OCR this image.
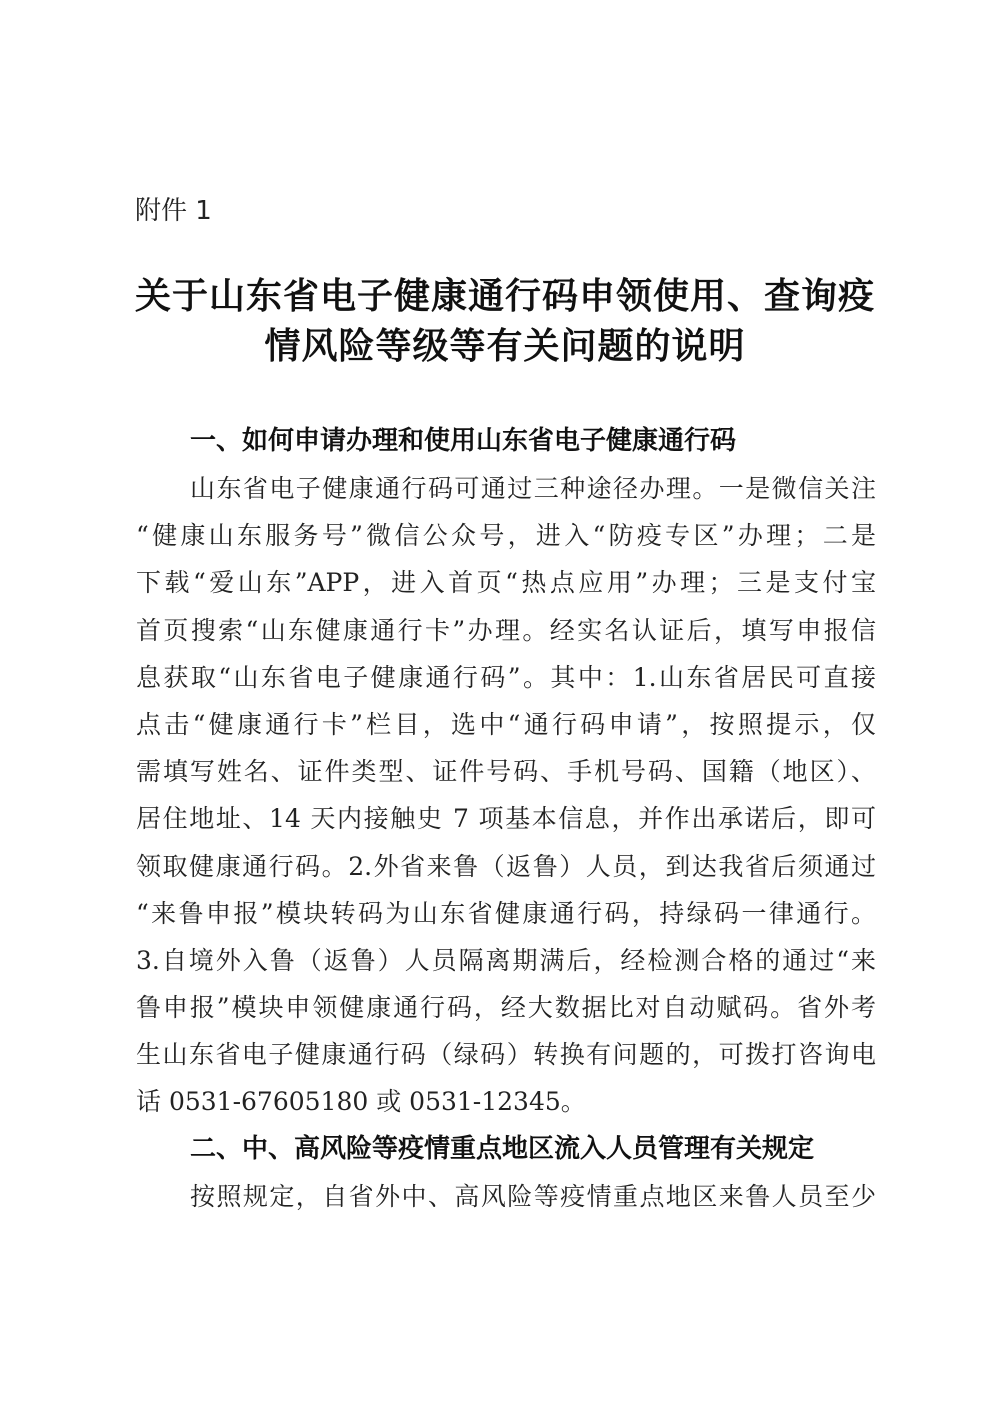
附件 1
关于山东省电子健康通行码申领使用、查询疫
情风险等级等有关问题的说明
一、如何申请办理和使用山东省电子健康通行码
山东省电子健康通行码可通过三种途径办理。一是微信关注
“健康山东服务号”微信公众号，进入“防疫专区”办理；二是
下载“爱山东”APP，进入首页“热点应用”办理；三是支付宝
首页搜索“山东健康通行卡”办理。经实名认证后，填写申报信
息获取“山东省电子健康通行码”。其中：1.山东省居民可直接
点击“健康通行卡”栏目，选中“通行码申请”，按照提示，仅
需填写姓名、证件类型、证件号码、手机号码、国籍（地区）、
居住地址、14 天内接触史 7 项基本信息，并作出承诺后，即可
领取健康通行码。2.外省来鲁（返鲁）人员，到达我省后须通过
“来鲁申报”模块转码为山东省健康通行码，持绿码一律通行。
3.自境外入鲁（返鲁）人员隔离期满后，经检测合格的通过“来
鲁申报”模块申领健康通行码，经大数据比对自动赋码。省外考
生山东省电子健康通行码（绿码）转换有问题的，可拨打咨询电
话 0531-67605180 或 0531-12345。
二、中、高风险等疫情重点地区流入人员管理有关规定
按照规定，自省外中、高风险等疫情重点地区来鲁人员至少
